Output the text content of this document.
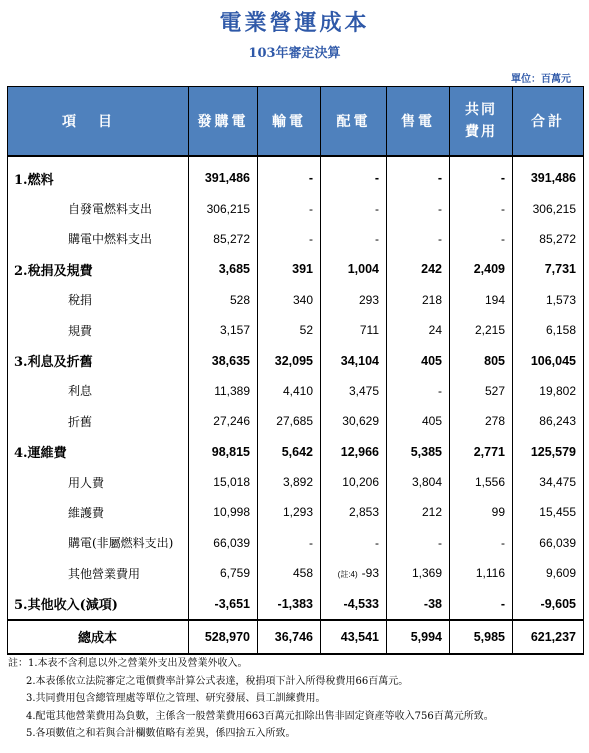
電業營運成本
103年審定決算
單位：百萬元
項目	發購電	輸電	配電	售電	共同費用	合計
1.燃料	391,486	-	-	-	-	391,486
自發電燃料支出	306,215	-	-	-	-	306,215
購電中燃料支出	85,272	-	-	-	-	85,272
2.稅捐及規費	3,685	391	1,004	242	2,409	7,731
稅捐	528	340	293	218	194	1,573
規費	3,157	52	711	24	2,215	6,158
3.利息及折舊	38,635	32,095	34,104	405	805	106,045
利息	11,389	4,410	3,475	-	527	19,802
折舊	27,246	27,685	30,629	405	278	86,243
4.運維費	98,815	5,642	12,966	5,385	2,771	125,579
用人費	15,018	3,892	10,206	3,804	1,556	34,475
維護費	10,998	1,293	2,853	212	99	15,455
購電(非屬燃料支出)	66,039	-	-	-	-	66,039
其他營業費用	6,759	458	(註:4) -93	1,369	1,116	9,609
5.其他收入(減項)	-3,651	-1,383	-4,533	-38	-	-9,605
總成本	528,970	36,746	43,541	5,994	5,985	621,237
註：1.本表不含利息以外之營業外支出及營業外收入。
2.本表係依立法院審定之電價費率計算公式表達，稅捐項下計入所得稅費用66百萬元。
3.共同費用包含總管理處等單位之管理、研究發展、員工訓練費用。
4.配電其他營業費用為負數，主係含一般營業費用663百萬元扣除出售非固定資產等收入756百萬元所致。
5.各項數值之和若與合計欄數值略有差異，係四捨五入所致。
